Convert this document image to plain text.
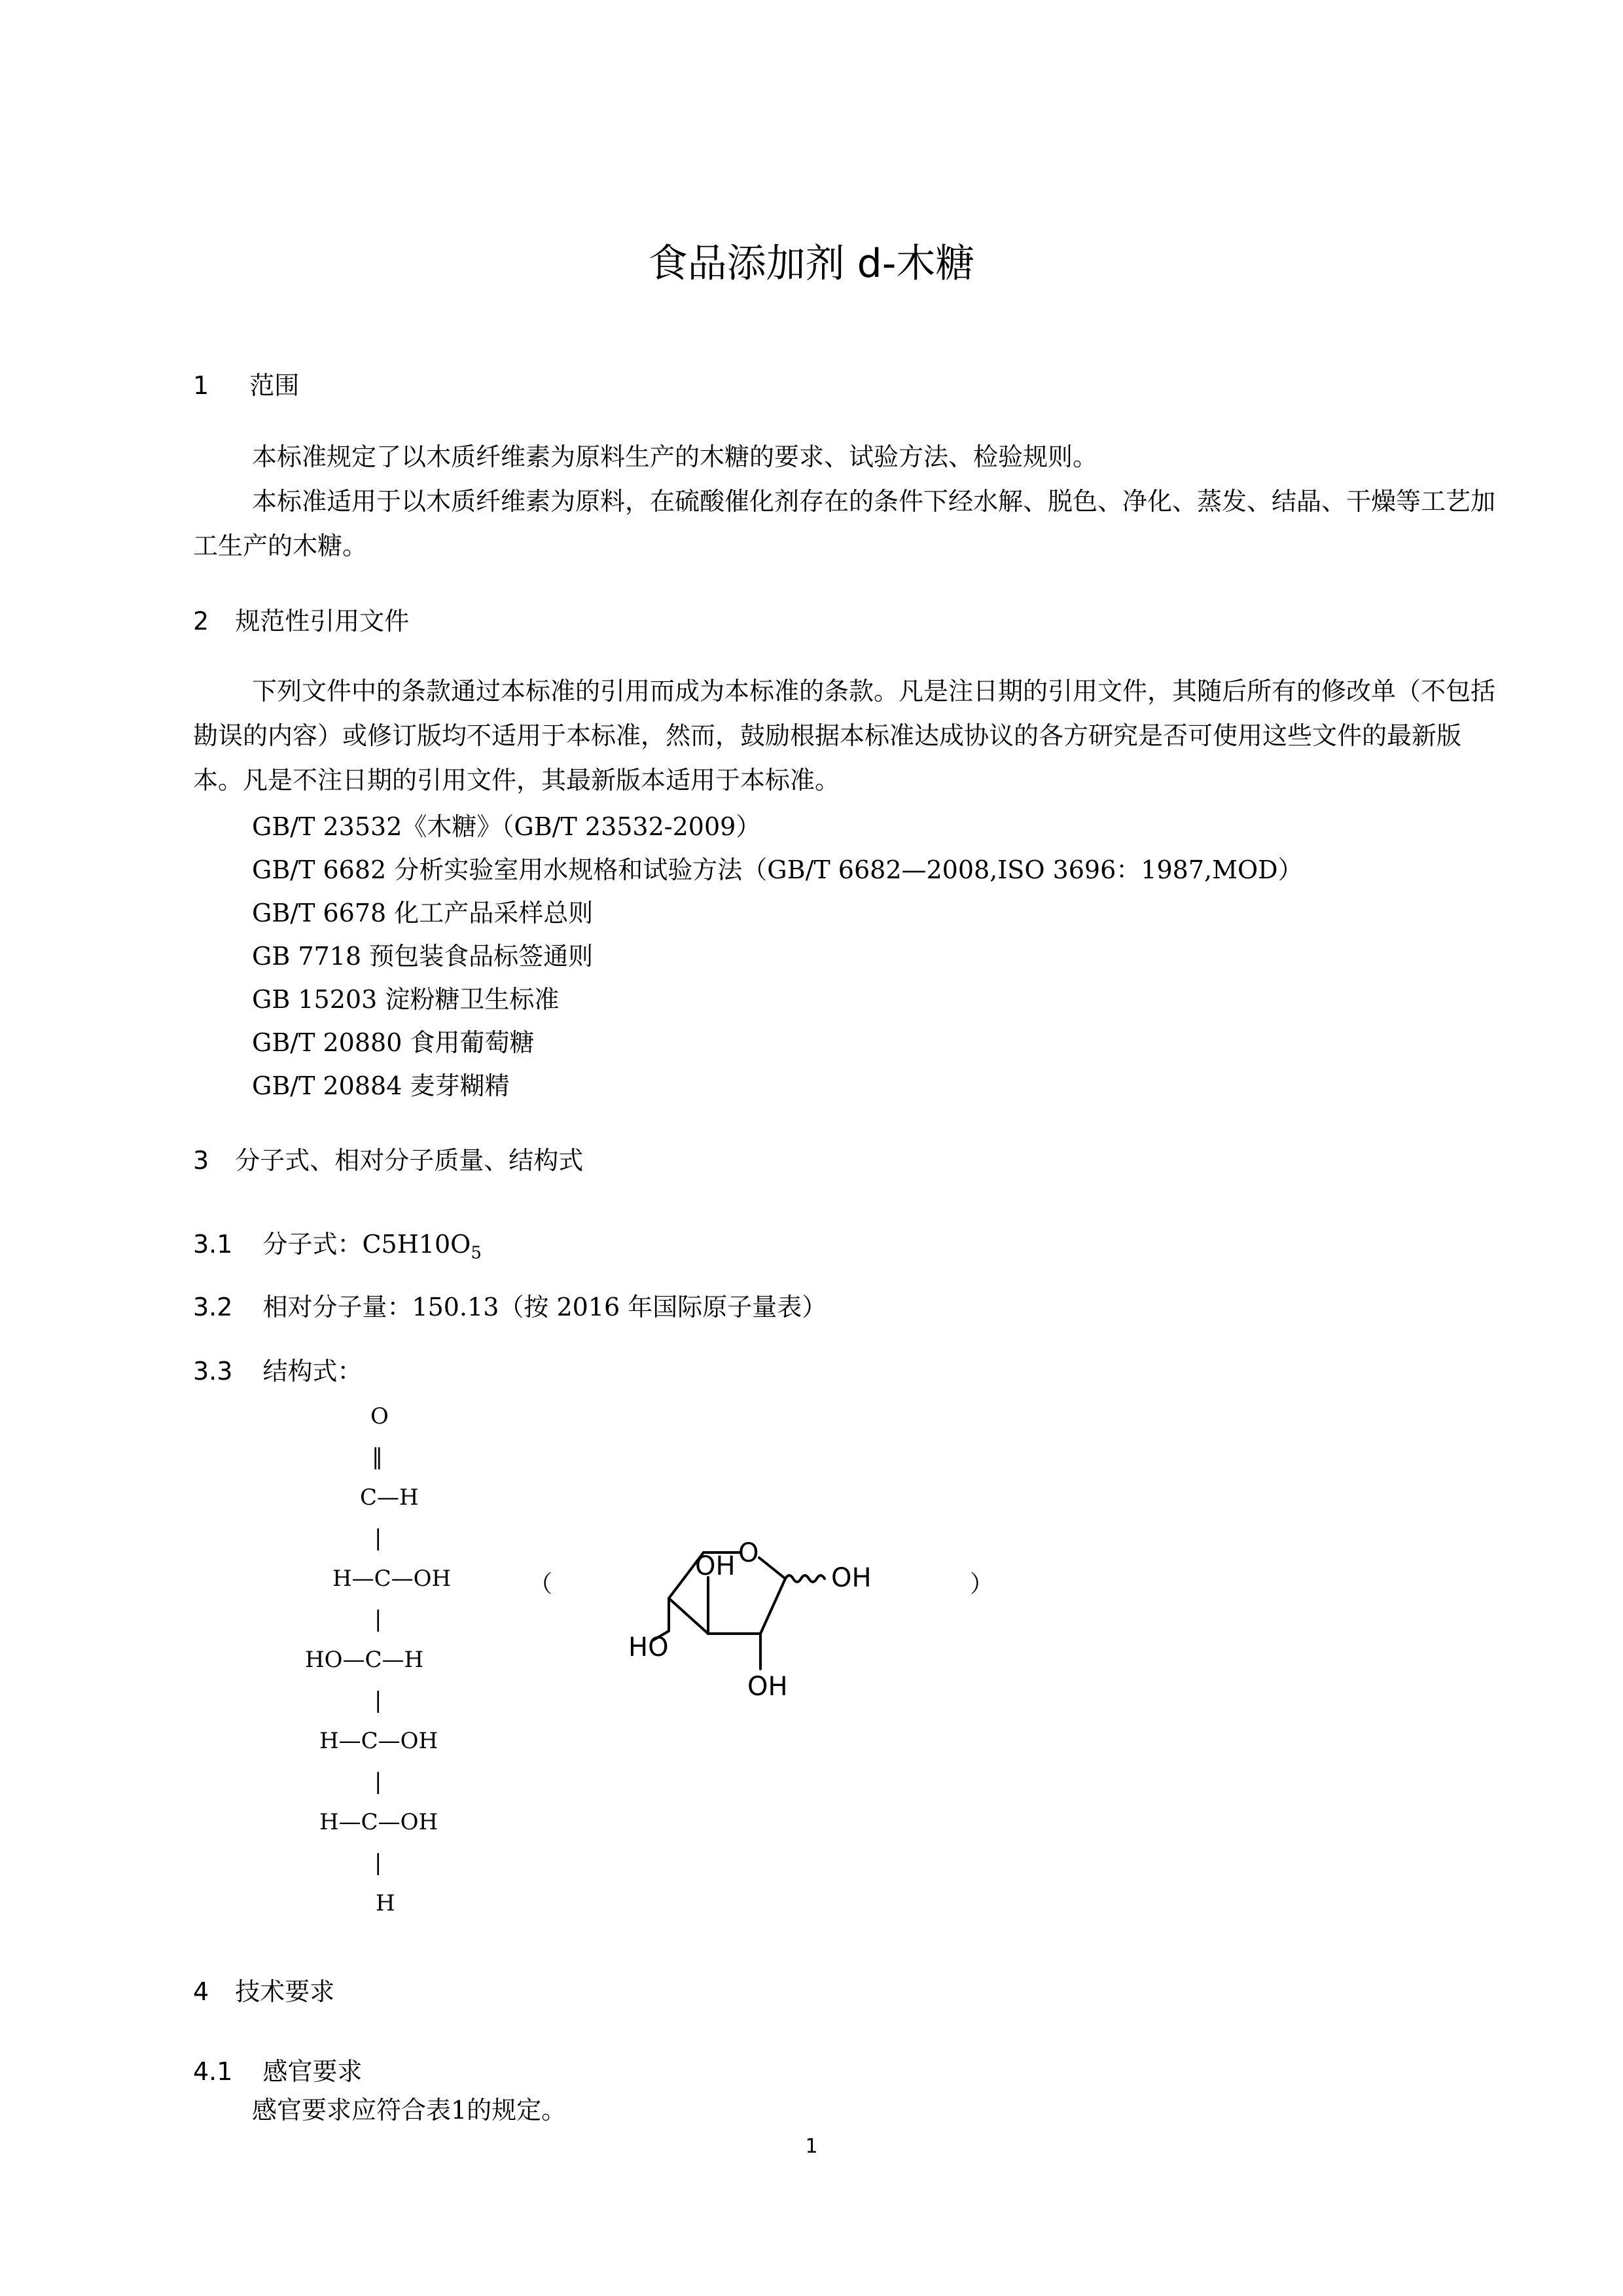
食品添加剂 d-木糖
1 范围
本标准规定了以木质纤维素为原料生产的木糖的要求、试验方法、检验规则。
本标准适用于以木质纤维素为原料，在硫酸催化剂存在的条件下经水解、脱色、净化、蒸发、结晶、干燥等工艺加工生产的木糖。
2 规范性引用文件
下列文件中的条款通过本标准的引用而成为本标准的条款。凡是注日期的引用文件，其随后所有的修改单（不包括勘误的内容）或修订版均不适用于本标准，然而，鼓励根据本标准达成协议的各方研究是否可使用这些文件的最新版本。凡是不注日期的引用文件，其最新版本适用于本标准。
GB/T 23532《木糖》（GB/T 23532-2009）
GB/T 6682 分析实验室用水规格和试验方法（GB/T 6682—2008,ISO 3696：1987,MOD）
GB/T 6678 化工产品采样总则
GB 7718 预包装食品标签通则
GB 15203 淀粉糖卫生标准
GB/T 20880 食用葡萄糖
GB/T 20884 麦芽糊精
3 分子式、相对分子质量、结构式
3.1 分子式：$C5H10O_5$
3.2 相对分子量：150.13（按 2016 年国际原子量表）
3.3 结构式：
O
‖
C—H
|
H—C—OH
|
HO—C—H
|
H—C—OH
|
H—C—OH
|
H
（	）
O
OH	OH
HO
OH
4 技术要求
4.1 感官要求
感官要求应符合表1的规定。
1
